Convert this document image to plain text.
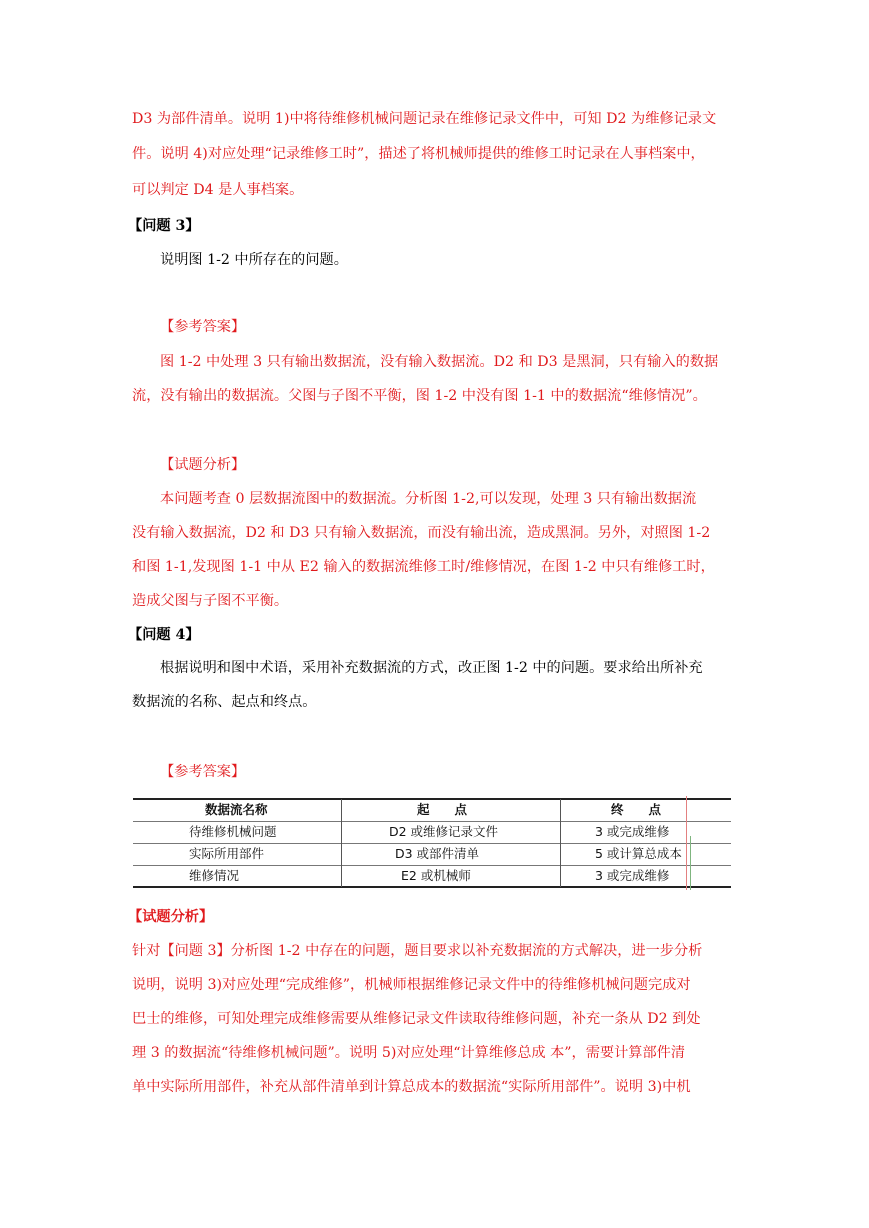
D3 为部件清单。说明 1)中将待维修机械问题记录在维修记录文件中，可知 D2 为维修记录文
件。说明 4)对应处理“记录维修工时”，描述了将机械师提供的维修工时记录在人事档案中，
可以判定 D4 是人事档案。
【问题 3】
说明图 1-2 中所存在的问题。
【参考答案】
图 1-2 中处理 3 只有输出数据流，没有输入数据流。D2 和 D3 是黑洞，只有输入的数据
流，没有输出的数据流。父图与子图不平衡，图 1-2 中没有图 1-1 中的数据流“维修情况”。
【试题分析】
本问题考查 0 层数据流图中的数据流。分析图 1-2,可以发现，处理 3 只有输出数据流
没有输入数据流，D2 和 D3 只有输入数据流，而没有输出流，造成黑洞。另外，对照图 1-2
和图 1-1,发现图 1-1 中从 E2 输入的数据流维修工时/维修情况，在图 1-2 中只有维修工时，
造成父图与子图不平衡。
【问题 4】
根据说明和图中术语，采用补充数据流的方式，改正图 1-2 中的问题。要求给出所补充
数据流的名称、起点和终点。
【参考答案】
数据流名称	起　　点	终　　点
待维修机械问题	D2 或维修记录文件	3 或完成维修
实际所用部件	D3 或部件清单	5 或计算总成本
维修情况	E2 或机械师	3 或完成维修
【试题分析】
针对【问题 3】分析图 1-2 中存在的问题，题目要求以补充数据流的方式解决，进一步分析
说明，说明 3)对应处理“完成维修”，机械师根据维修记录文件中的待维修机械问题完成对
巴士的维修，可知处理完成维修需要从维修记录文件读取待维修问题，补充一条从 D2 到处
理 3 的数据流“待维修机械问题”。说明 5)对应处理“计算维修总成 本”，需要计算部件清
单中实际所用部件，补充从部件清单到计算总成本的数据流“实际所用部件”。说明 3)中机
